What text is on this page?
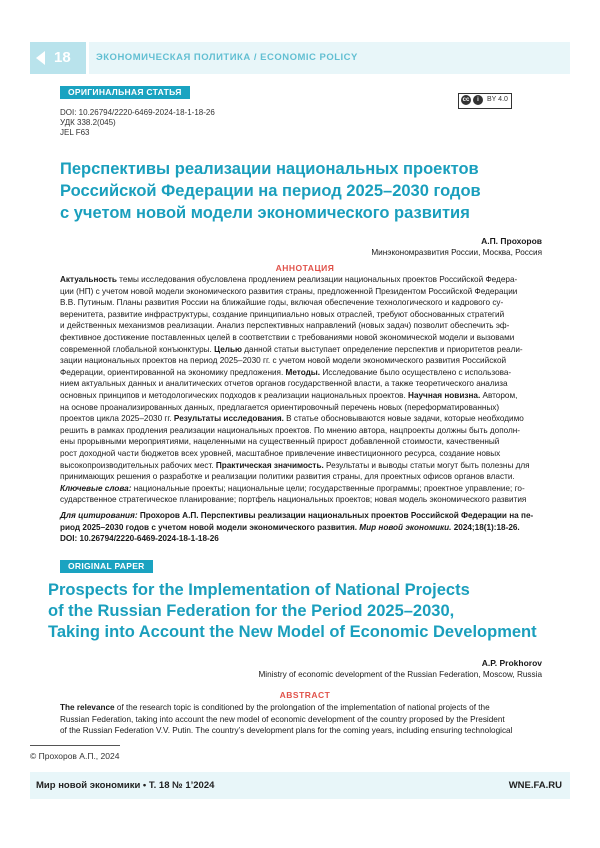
18	ЭКОНОМИЧЕСКАЯ ПОЛИТИКА / ECONOMIC POLICY
ОРИГИНАЛЬНАЯ СТАТЬЯ
DOI: 10.26794/2220-6469-2024-18-1-18-26
УДК 338.2(045)
JEL F63
cc	i	BY 4.0
Перспективы реализации национальных проектов
Российской Федерации на период 2025–2030 годов
с учетом новой модели экономического развития
А.П. Прохоров
Минэкономразвития России, Москва, Россия
АННОТАЦИЯ
Актуальность темы исследования обусловлена продлением реализации национальных проектов Российской Федера-
ции (НП) с учетом новой модели экономического развития страны, предложенной Президентом Российской Федерации
В.В. Путиным. Планы развития России на ближайшие годы, включая обеспечение технологического и кадрового су-
веренитета, развитие инфраструктуры, создание принципиально новых отраслей, требуют обоснованных стратегий
и действенных механизмов реализации. Анализ перспективных направлений (новых задач) позволит обеспечить эф-
фективное достижение поставленных целей в соответствии с требованиями новой экономической модели и вызовами
современной глобальной конъюнктуры. Целью данной статьи выступает определение перспектив и приоритетов реали-
зации национальных проектов на период 2025–2030 гг. с учетом новой модели экономического развития Российской
Федерации, ориентированной на экономику предложения. Методы. Исследование было осуществлено с использова-
нием актуальных данных и аналитических отчетов органов государственной власти, а также теоретического анализа
основных принципов и методологических подходов к реализации национальных проектов. Научная новизна. Автором,
на основе проанализированных данных, предлагается ориентировочный перечень новых (переформатированных)
проектов цикла 2025–2030 гг. Результаты исследования. В статье обосновываются новые задачи, которые необходимо
решить в рамках продления реализации национальных проектов. По мнению автора, нацпроекты должны быть дополн-
ены прорывными мероприятиями, нацеленными на существенный прирост добавленной стоимости, качественный
рост доходной части бюджетов всех уровней, масштабное привлечение инвестиционного ресурса, создание новых
высокопроизводительных рабочих мест. Практическая значимость. Результаты и выводы статьи могут быть полезны для
принимающих решения о разработке и реализации политики развития страны, для проектных офисов органов власти.
Ключевые слова: национальные проекты; национальные цели; государственные программы; проектное управление; го-
сударственное стратегическое планирование; портфель национальных проектов; новая модель экономического развития
Для цитирования: Прохоров А.П. Перспективы реализации национальных проектов Российской Федерации на пе-
риод 2025–2030 годов с учетом новой модели экономического развития. Мир новой экономики. 2024;18(1):18-26.
DOI: 10.26794/2220-6469-2024-18-1-18-26
ORIGINAL PAPER
Prospects for the Implementation of National Projects
of the Russian Federation for the Period 2025–2030,
Taking into Account the New Model of Economic Development
A.P. Prokhorov
Ministry of economic development of the Russian Federation, Moscow, Russia
ABSTRACT
The relevance of the research topic is conditioned by the prolongation of the implementation of national projects of the
Russian Federation, taking into account the new model of economic development of the country proposed by the President
of the Russian Federation V.V. Putin. The country’s development plans for the coming years, including ensuring technological
© Прохоров А.П., 2024
Мир новой экономики • Т. 18 № 1’2024	WNE.FA.RU
